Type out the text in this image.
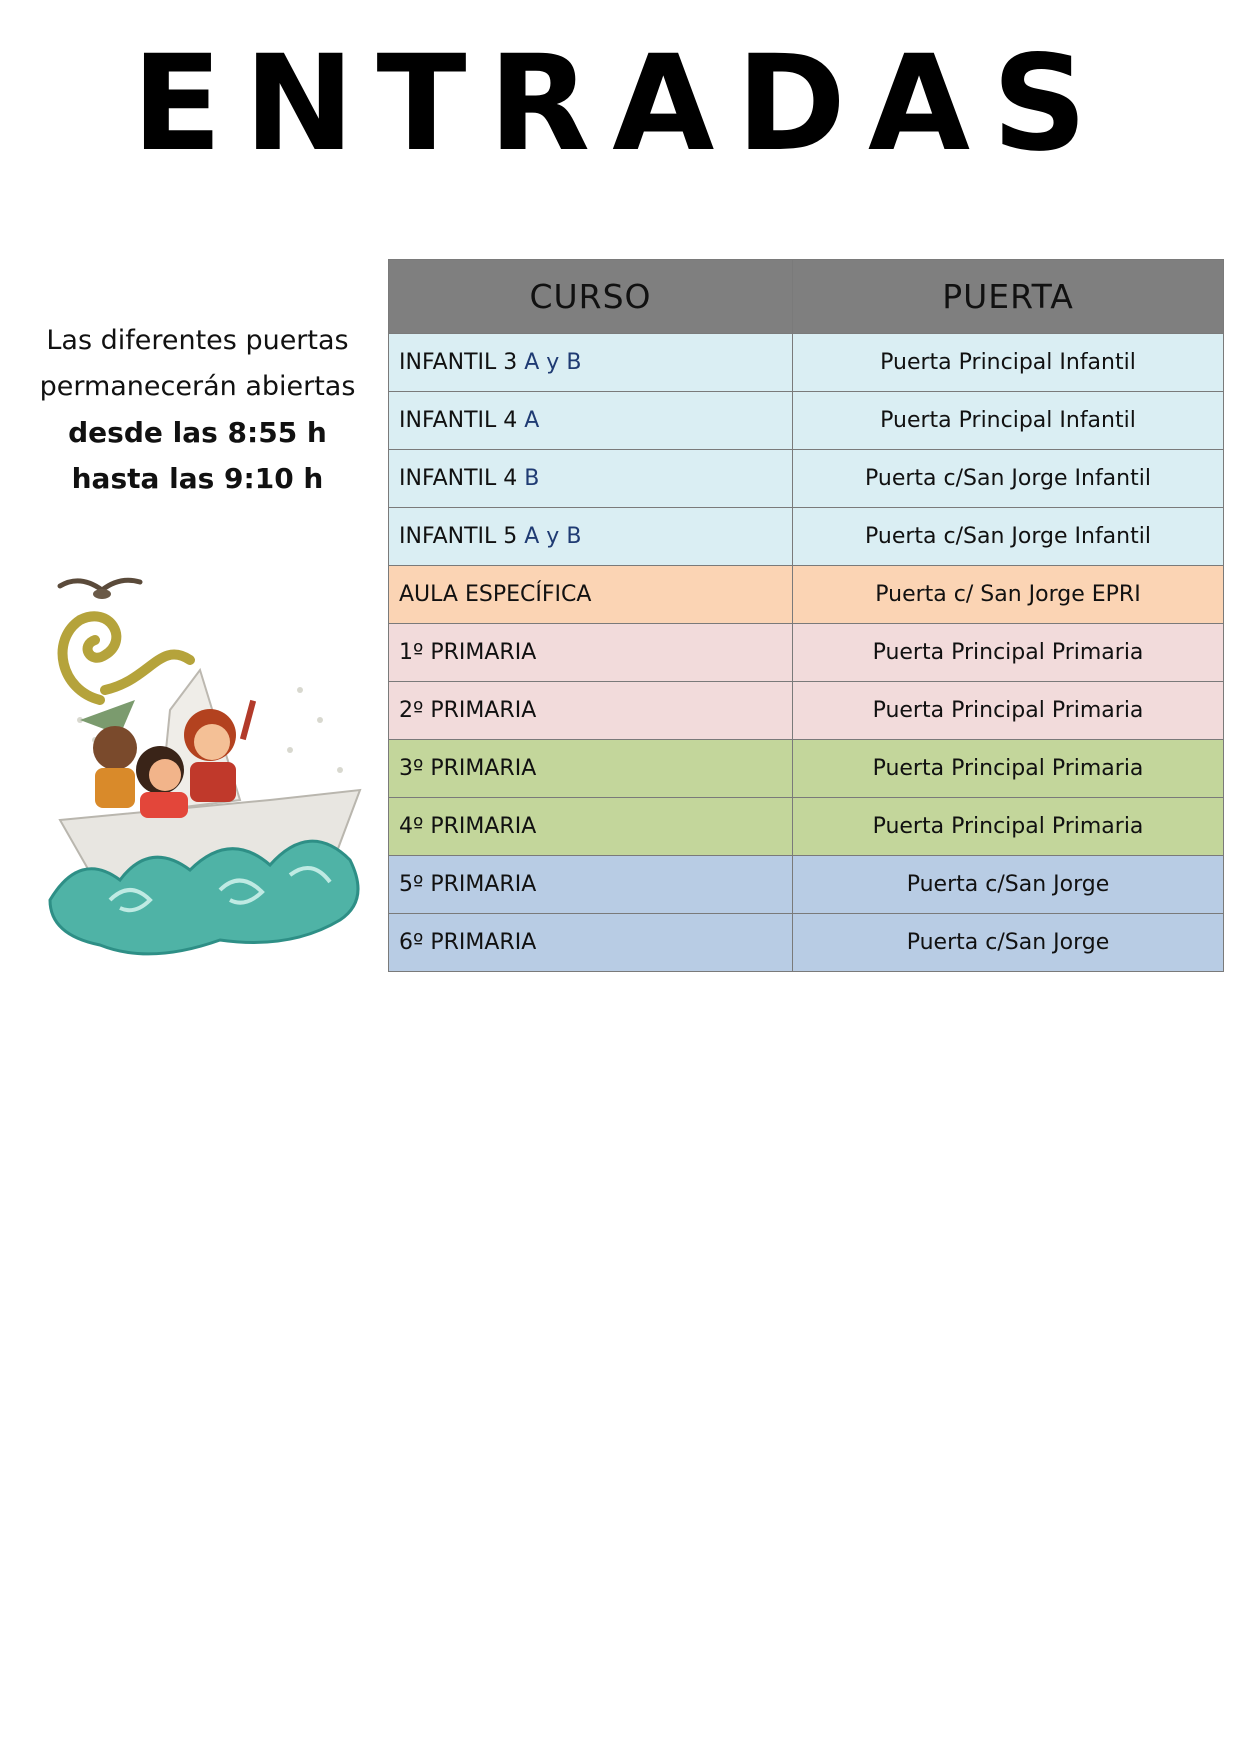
ENTRADAS
Las diferentes puertas
permanecerán abiertas
desde las 8:55 h
hasta las 9:10 h
CURSO	PUERTA
INFANTIL 3 A y B	Puerta Principal Infantil
INFANTIL 4 A	Puerta Principal Infantil
INFANTIL 4 B	Puerta c/San Jorge Infantil
INFANTIL 5 A y B	Puerta c/San Jorge Infantil
AULA ESPECÍFICA	Puerta c/ San Jorge EPRI
1º PRIMARIA	Puerta Principal Primaria
2º PRIMARIA	Puerta Principal Primaria
3º PRIMARIA	Puerta Principal Primaria
4º PRIMARIA	Puerta Principal Primaria
5º PRIMARIA	Puerta c/San Jorge
6º PRIMARIA	Puerta c/San Jorge
